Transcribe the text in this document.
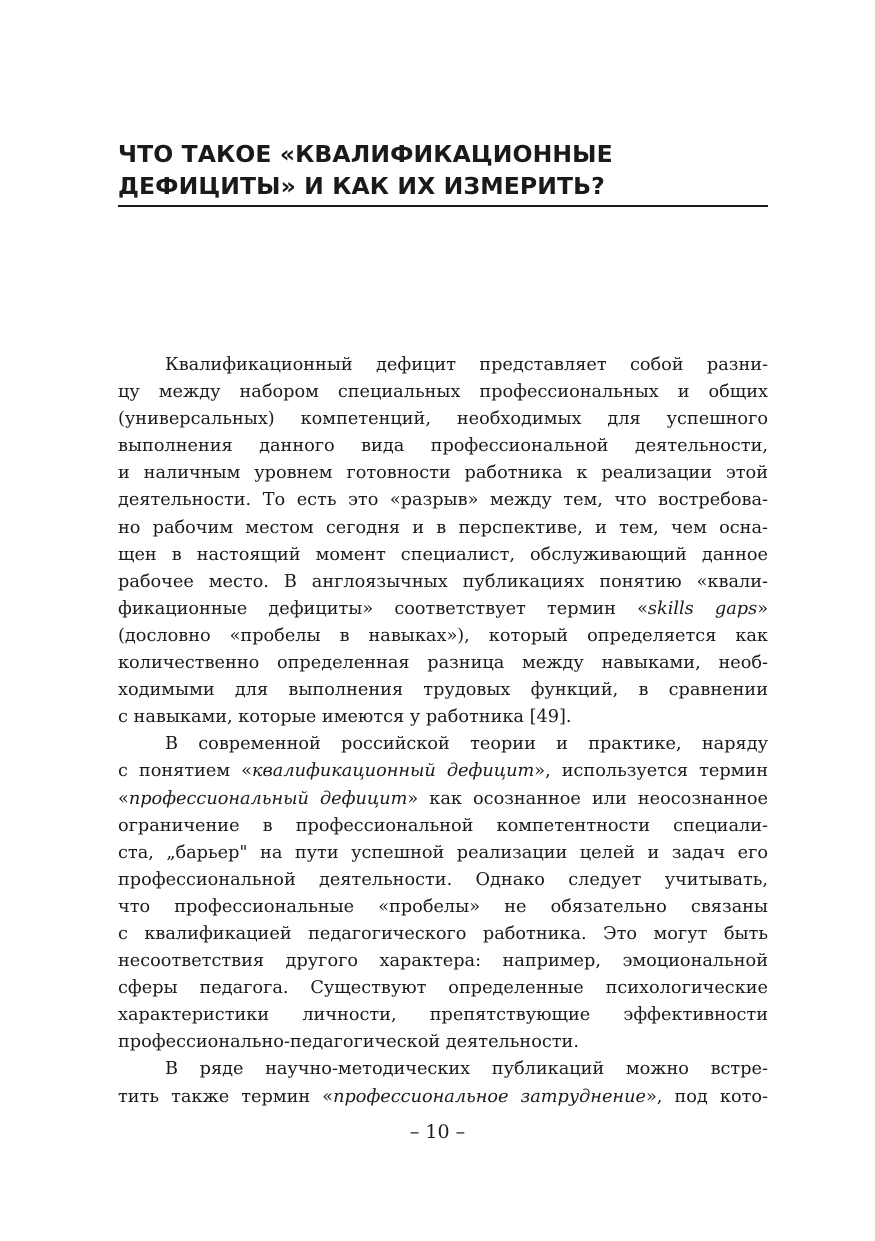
ЧТО ТАКОЕ «КВАЛИФИКАЦИОННЫЕ
ДЕФИЦИТЫ» И КАК ИХ ИЗМЕРИТЬ?
Квалификационный дефицит представляет собой разни-
цу между набором специальных профессиональных и общих
(универсальных) компетенций, необходимых для успешного
выполнения данного вида профессиональной деятельности,
и наличным уровнем готовности работника к реализации этой
деятельности. То есть это «разрыв» между тем, что востребова-
но рабочим местом сегодня и в перспективе, и тем, чем осна-
щен в настоящий момент специалист, обслуживающий данное
рабочее место. В англоязычных публикациях понятию «квали-
фикационные дефициты» соответствует термин «skills gaps»
(дословно «пробелы в навыках»), который определяется как
количественно определенная разница между навыками, необ-
ходимыми для выполнения трудовых функций, в сравнении
с навыками, которые имеются у работника [49].
В современной российской теории и практике, наряду
с понятием «квалификационный дефицит», используется термин
«профессиональный дефицит» как осознанное или неосознанное
ограничение в профессиональной компетентности специали-
ста, „барьер" на пути успешной реализации целей и задач его
профессиональной деятельности. Однако следует учитывать,
что профессиональные «пробелы» не обязательно связаны
с квалификацией педагогического работника. Это могут быть
несоответствия другого характера: например, эмоциональной
сферы педагога. Существуют определенные психологические
характеристики личности, препятствующие эффективности
профессионально-педагогической деятельности.
В ряде научно-методических публикаций можно встре-
тить также термин «профессиональное затруднение», под кото-
– 10 –
